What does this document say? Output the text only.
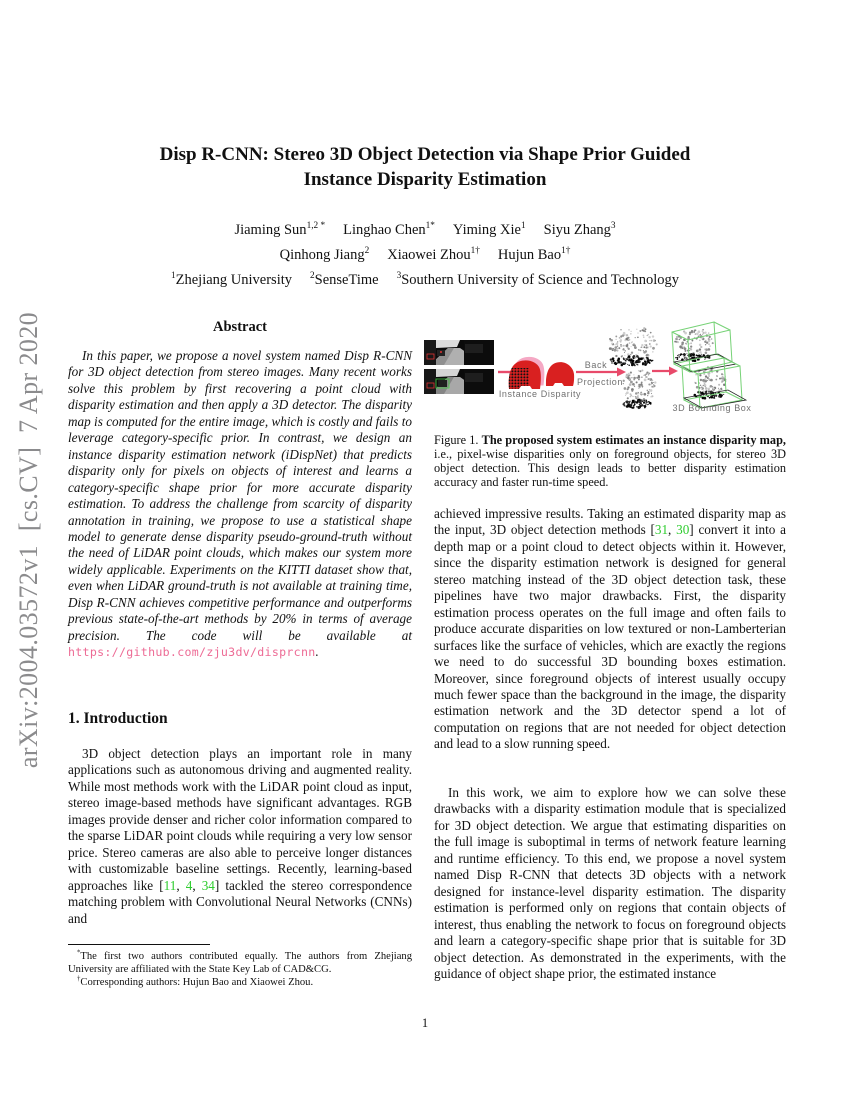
arXiv:2004.03572v1  [cs.CV]  7 Apr 2020
Disp R-CNN: Stereo 3D Object Detection via Shape Prior Guided
Instance Disparity Estimation
Jiaming Sun$^{1,2 *}$ Linghao Chen$^{1*}$ Yiming Xie$^1$ Siyu Zhang$^3$
Qinhong Jiang$^2$ Xiaowei Zhou$^{1\dagger}$ Hujun Bao$^{1\dagger}$
$^1$Zhejiang University $^2$SenseTime $^3$Southern University of Science and Technology
Abstract

In this paper, we propose a novel system named Disp R-CNN for 3D object detection from stereo images. Many recent works solve this problem by first recovering a point cloud with disparity estimation and then apply a 3D detector. The disparity map is computed for the entire image, which is costly and fails to leverage category-specific prior. In contrast, we design an instance disparity estimation network (iDispNet) that predicts disparity only for pixels on objects of interest and learns a category-specific shape prior for more accurate disparity estimation. To address the challenge from scarcity of disparity annotation in training, we propose to use a statistical shape model to generate dense disparity pseudo-ground-truth without the need of LiDAR point clouds, which makes our system more widely applicable. Experiments on the KITTI dataset show that, even when LiDAR ground-truth is not available at training time, Disp R-CNN achieves competitive performance and outperforms previous state-of-the-art methods by 20% in terms of average precision. The code will be available at https://github.com/zju3dv/disprcnn.

1. Introduction

3D object detection plays an important role in many applications such as autonomous driving and augmented reality. While most methods work with the LiDAR point cloud as input, stereo image-based methods have significant advantages. RGB images provide denser and richer color information compared to the sparse LiDAR point clouds while requiring a very low sensor price. Stereo cameras are also able to perceive longer distances with customizable baseline settings. Recently, learning-based approaches like [11, 4, 34] tackled the stereo correspondence matching problem with Convolutional Neural Networks (CNNs) and

*The first two authors contributed equally. The authors from Zhejiang University are affiliated with the State Key Lab of CAD&CG.

†Corresponding authors: Hujun Bao and Xiaowei Zhou.

Instance Disparity
Back
Projection
3D Bounding Box

Figure 1. The proposed system estimates an instance disparity map, i.e., pixel-wise disparities only on foreground objects, for stereo 3D object detection. This design leads to better disparity estimation accuracy and faster run-time speed.

achieved impressive results. Taking an estimated disparity map as the input, 3D object detection methods [31, 30] convert it into a depth map or a point cloud to detect objects within it. However, since the disparity estimation network is designed for general stereo matching instead of the 3D object detection task, these pipelines have two major drawbacks. First, the disparity estimation process operates on the full image and often fails to produce accurate disparities on low textured or non-Lamberterian surfaces like the surface of vehicles, which are exactly the regions we need to do successful 3D bounding boxes estimation. Moreover, since foreground objects of interest usually occupy much fewer space than the background in the image, the disparity estimation network and the 3D detector spend a lot of computation on regions that are not needed for object detection and lead to a slow running speed.

In this work, we aim to explore how we can solve these drawbacks with a disparity estimation module that is specialized for 3D object detection. We argue that estimating disparities on the full image is suboptimal in terms of network feature learning and runtime efficiency. To this end, we propose a novel system named Disp R-CNN that detects 3D objects with a network designed for instance-level disparity estimation. The disparity estimation is performed only on regions that contain objects of interest, thus enabling the network to focus on foreground objects and learn a category-specific shape prior that is suitable for 3D object detection. As demonstrated in the experiments, with the guidance of object shape prior, the estimated instance

1
